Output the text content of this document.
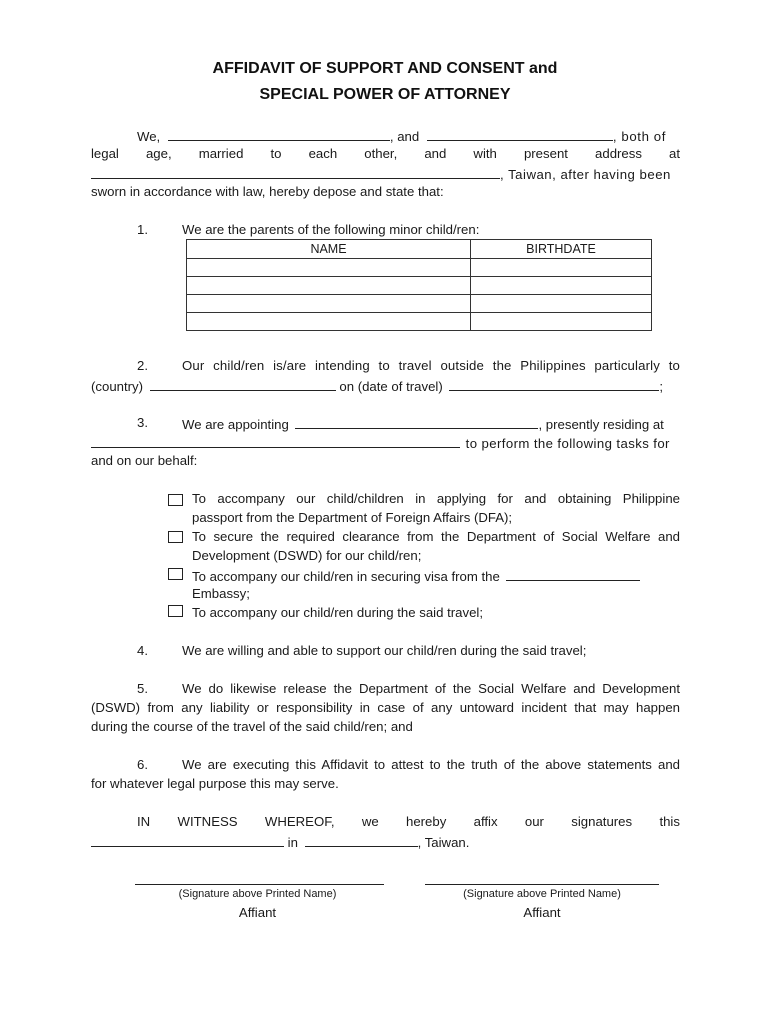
AFFIDAVIT OF SUPPORT AND CONSENT and
SPECIAL POWER OF ATTORNEY
We,	, and	, both of
legal age, married to each other, and with present address at
, Taiwan, after having been
sworn in accordance with law, hereby depose and state that:
1.	We are the parents of the following minor child/ren:
NAME	BIRTHDATE

2.	Our child/ren is/are intending to travel outside the Philippines particularly to
(country)	on (date of travel)	;
3.	We are appointing	, presently residing at
to perform the following tasks for
and on our behalf:
To accompany our child/children in applying for and obtaining Philippine
passport from the Department of Foreign Affairs (DFA);
To secure the required clearance from the Department of Social Welfare and
Development (DSWD) for our child/ren;
To accompany our child/ren in securing visa from the
Embassy;
To accompany our child/ren during the said travel;
4.	We are willing and able to support our child/ren during the said travel;
5.	We do likewise release the Department of the Social Welfare and Development
(DSWD) from any liability or responsibility in case of any untoward incident that may happen
during the course of the travel of the said child/ren; and
6.	We are executing this Affidavit to attest to the truth of the above statements and
for whatever legal purpose this may serve.
IN WITNESS WHEREOF, we hereby affix our signatures this
in	, Taiwan.
(Signature above Printed Name)
Affiant
(Signature above Printed Name)
Affiant
